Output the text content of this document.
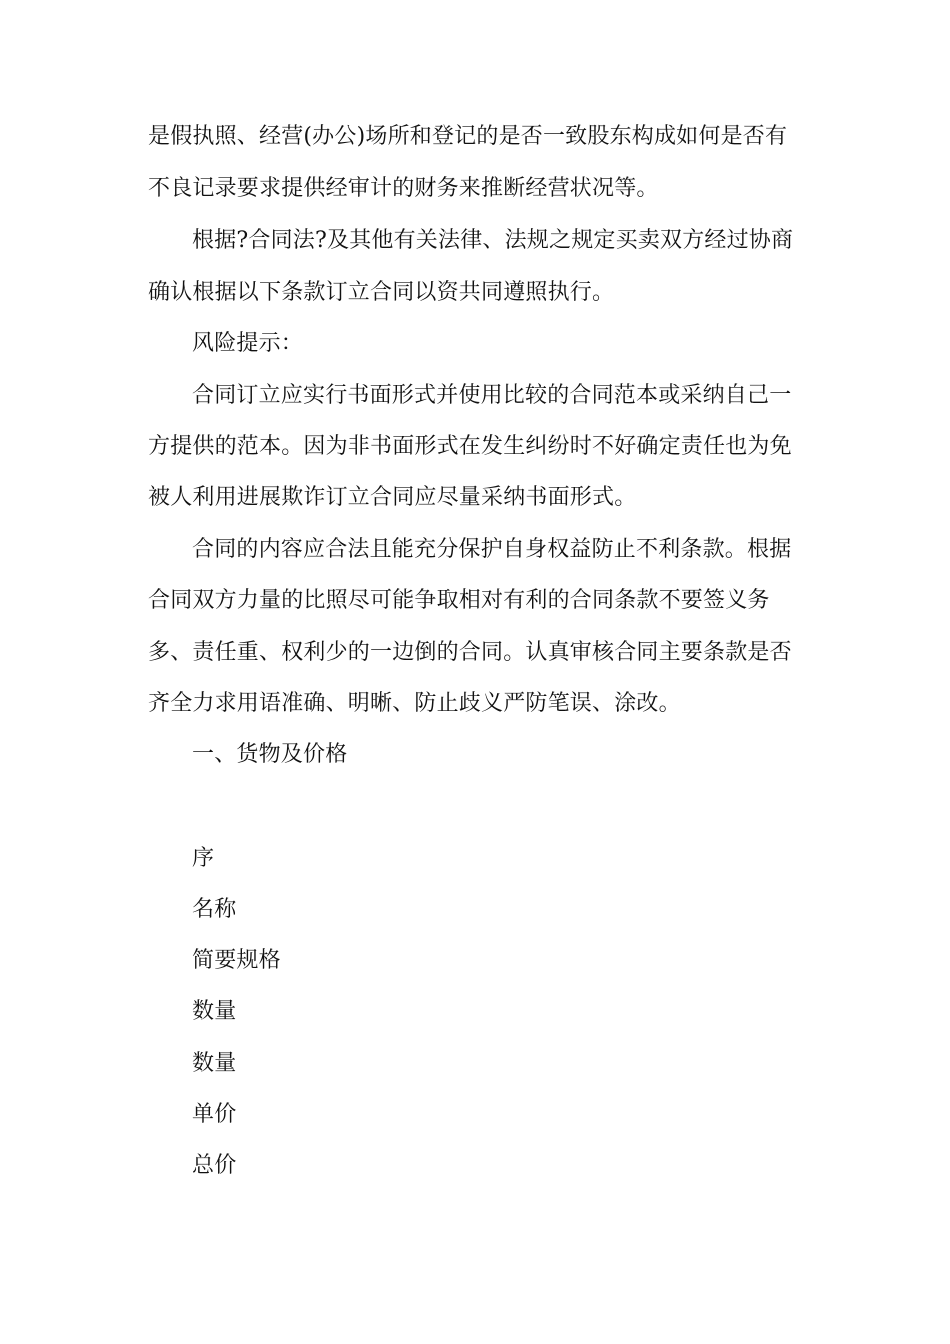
是假执照、经营(办公)场所和登记的是否一致股东构成如何是否有
不良记录要求提供经审计的财务来推断经营状况等。
根据?合同法?及其他有关法律、法规之规定买卖双方经过协商
确认根据以下条款订立合同以资共同遵照执行。
风险提示：
合同订立应实行书面形式并使用比较的合同范本或采纳自己一
方提供的范本。因为非书面形式在发生纠纷时不好确定责任也为免
被人利用进展欺诈订立合同应尽量采纳书面形式。
合同的内容应合法且能充分保护自身权益防止不利条款。根据
合同双方力量的比照尽可能争取相对有利的合同条款不要签义务
多、责任重、权利少的一边倒的合同。认真审核合同主要条款是否
齐全力求用语准确、明晰、防止歧义严防笔误、涂改。
一、货物及价格
序
名称
简要规格
数量
数量
单价
总价
